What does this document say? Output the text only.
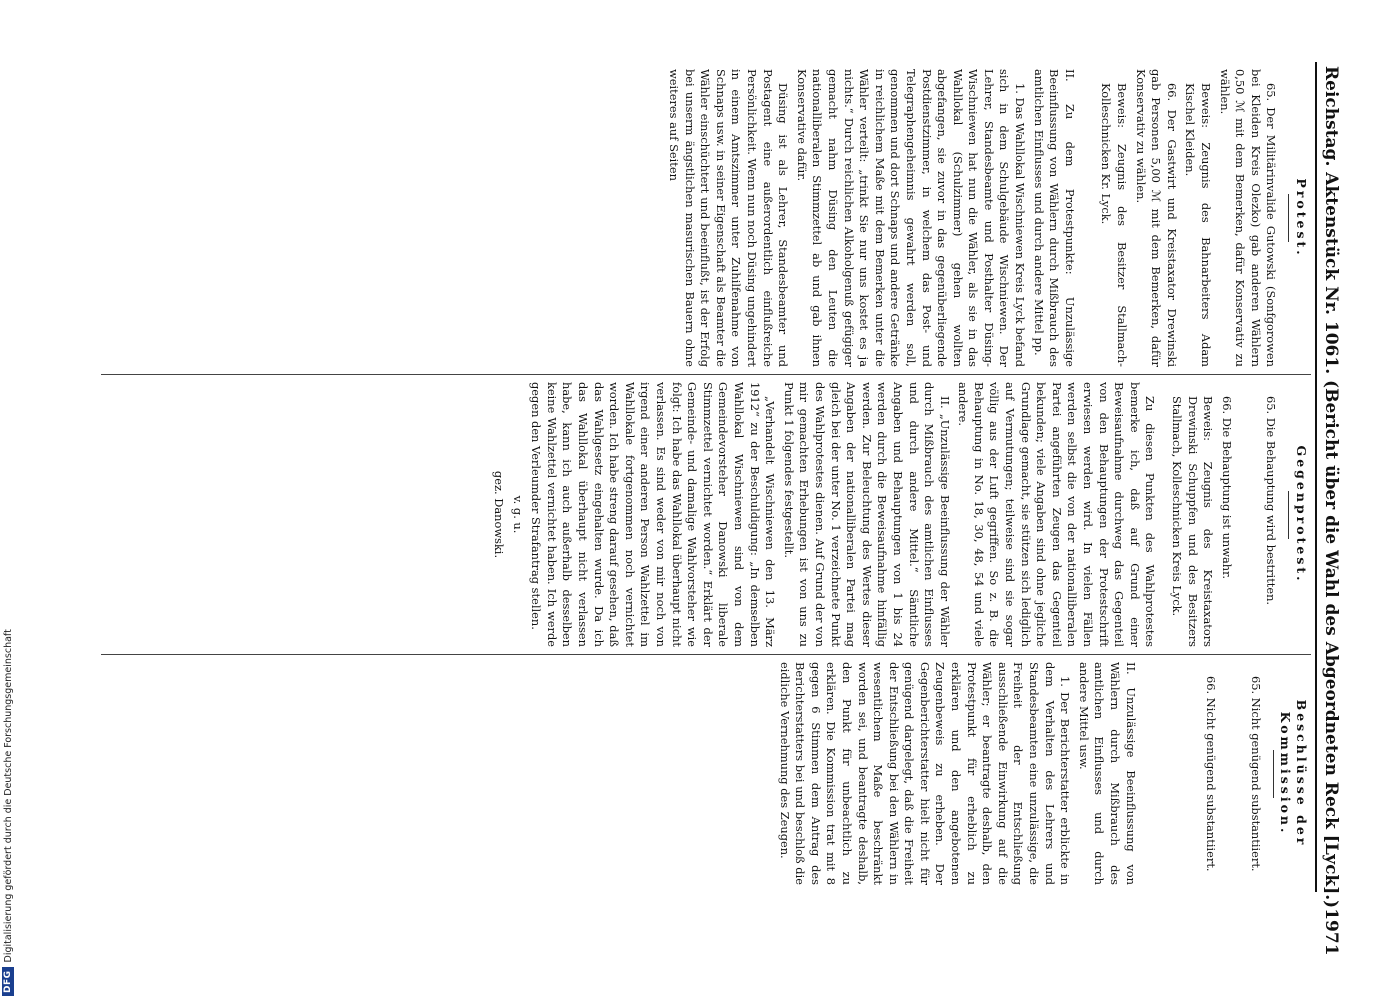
DFG
Digitalisierung gefördert durch die Deutsche Forschungsgemeinschaft	Reichstag. Aktenstück Nr. 1061. (Bericht über die Wahl des Abgeordneten Reck [Lyck].)
1971
Protest.

65. Der Militärinvalide Gutowski (Sonfgorowen bei Kleiden Kreis Olezko) gab anderen Wählern 0,50 ℳ mit dem Bemerken, dafür Konservativ zu wählen.

Beweis: Zeugnis des Bahnarbeiters Adam Kischel Kleiden.

66. Der Gastwirt und Kreistaxator Drewinski gab Personen 5,00 ℳ mit dem Bemerken, dafür Konservativ zu wählen.

Beweis: Zeugnis des Besitzer Stallmach-Kolleschnicken Kr. Lyck.

II. Zu dem Protestpunkte: Unzulässige Beeinflussung von Wählern durch Mißbrauch des amtlichen Einflusses und durch andere Mittel pp.

1. Das Wahllokal Wischniewen Kreis Lyck befand sich in dem Schulgebäude Wischniewen. Der Lehrer, Standesbeamte und Posthalter Düsing-Wischniewen hat nun die Wähler, als sie in das Wahllokal (Schulzimmer) gehen wollten abgefangen, sie zuvor in das gegenüberliegende Postdienstzimmer, in welchem das Post- und Telegraphengeheimnis gewahrt werden soll, genommen und dort Schnaps und andere Getränke in reichlichem Maße mit dem Bemerken unter die Wähler verteilt: „trinkt Sie nur uns kostet es ja nichts.“ Durch reichlichen Alkoholgenuß gefügiger gemacht nahm Düsing den Leuten die nationalliberalen Stimmzettel ab und gab ihnen Konservative dafür.

Düsing ist als Lehrer, Standesbeamter und Postagent eine außerordentlich einflußreiche Persönlichkeit. Wenn nun noch Düsing ungehindert in einem Amtszimmer unter Zuhilfenahme von Schnaps usw. in seiner Eigenschaft als Beamter die Wähler einschüchtert und beeinflußt, ist der Erfolg bei unserm ängstlichen masurischen Bauern ohne weiteres auf Seiten

Gegenprotest.

65. Die Behauptung wird bestritten.

66. Die Behauptung ist unwahr.

Beweis: Zeugnis des Kreistaxators Drewinski Schuppfen und des Besitzers Stallmach, Kolleschnicken Kreis Lyck.

Zu diesen Punkten des Wahlprotestes bemerke ich, daß auf Grund einer Beweisaufnahme durchweg das Gegenteil von den Behauptungen der Protestschrift erwiesen werden wird. In vielen Fällen werden selbst die von der nationalliberalen Partei angeführten Zeugen das Gegenteil bekunden; viele Angaben sind ohne jegliche Grundlage gemacht, sie stützen sich lediglich auf Vermutungen; teilweise sind sie sogar völlig aus der Luft gegriffen. So z. B. die Behauptung in No. 18, 30, 48, 54 und viele andere.

II. „Unzulässige Beeinflussung der Wähler durch Mißbrauch des amtlichen Einflusses und durch andere Mittel.“ Sämtliche Angaben und Behauptungen von 1 bis 24 werden durch die Beweisaufnahme hinfällig werden. Zur Beleuchtung des Wertes dieser Angaben der nationalliberalen Partei mag gleich bei der unter No. 1 verzeichnete Punkt des Wahlprotestes dienen. Auf Grund der von mir gemachten Erhebungen ist von uns zu Punkt 1 folgendes festgestellt.

„Verhandelt Wischniewen den 13. März 1912“ zu der Beschuldigung: „In demselben Wahllokal Wischniewen sind von dem Gemeindevorsteher Danowski liberale Stimmzettel vernichtet worden.“ Erklärt der Gemeinde- und damalige Wahlvorsteher wie folgt: Ich habe das Wahllokal überhaupt nicht verlassen. Es sind weder von mir noch von irgend einer anderen Person Wahlzettel im Wahllokale fortgenommen noch vernichtet worden. Ich habe streng darauf gesehen, daß das Wahlgesetz eingehalten wurde. Da ich das Wahllokal überhaupt nicht verlassen habe, kann ich auch außerhalb desselben keine Wahlzettel vernichtet haben. Ich werde gegen den Verleumder Strafantrag stellen.

v. g. u.

gez. Danowski.

Beschlüsse der Kommission.

65. Nicht genügend substantiiert.

66. Nicht genügend substantiiert.

II. Unzulässige Beeinflussung von Wählern durch Mißbrauch des amtlichen Einflusses und durch andere Mittel usw.

1. Der Berichterstatter erblickte in dem Verhalten des Lehrers und Standesbeamten eine unzulässige, die Freiheit der Entschließung ausschließende Einwirkung auf die Wähler; er beantragte deshalb, den Protestpunkt für erheblich zu erklären und den angebotenen Zeugenbeweis zu erheben. Der Gegenberichterstatter hielt nicht für genügend dargelegt, daß die Freiheit der Entschließung bei den Wählern in wesentlichem Maße beschränkt worden sei, und beantragte deshalb, den Punkt für unbeachtlich zu erklären. Die Kommission trat mit 8 gegen 6 Stimmen dem Antrag des Berichterstatters bei und beschloß die eidliche Vernehmung des Zeugen.
